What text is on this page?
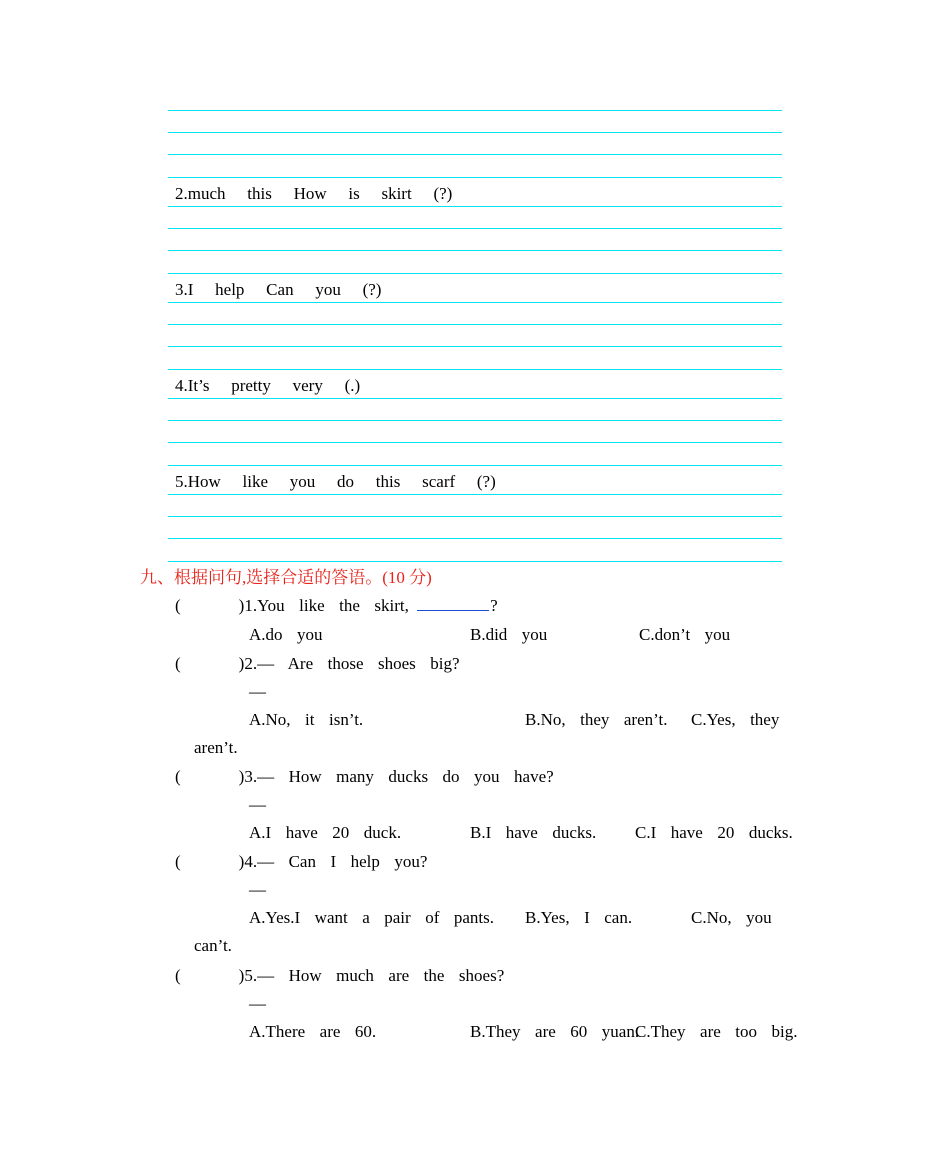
2.much   this   How   is   skirt   (?)
3.I   help   Can   you   (?)
4.It’s   pretty   very   (.)
5.How   like   you   do   this   scarf   (?)
九、根据问句,选择合适的答语。(10 分)
(        )1.You  like  the  skirt,	?
A.do  you	B.did  you	C.don’t  you
(        )2.—  Are  those  shoes  big?
—
A.No,  it  isn’t.	B.No,  they  aren’t. C.Yes,  they
aren’t.
(        )3.—  How  many  ducks  do  you  have?
—
A.I  have  20  duck.	B.I  have  ducks. C.I  have  20  ducks.
(        )4.—  Can  I  help  you?
—
A.Yes.I  want  a  pair  of  pants. B.Yes,  I  can.	C.No,  you
can’t.
(        )5.—  How  much  are  the  shoes?
—
A.There  are  60.	B.They  are  60  yuan.
C.They  are  too  big.
